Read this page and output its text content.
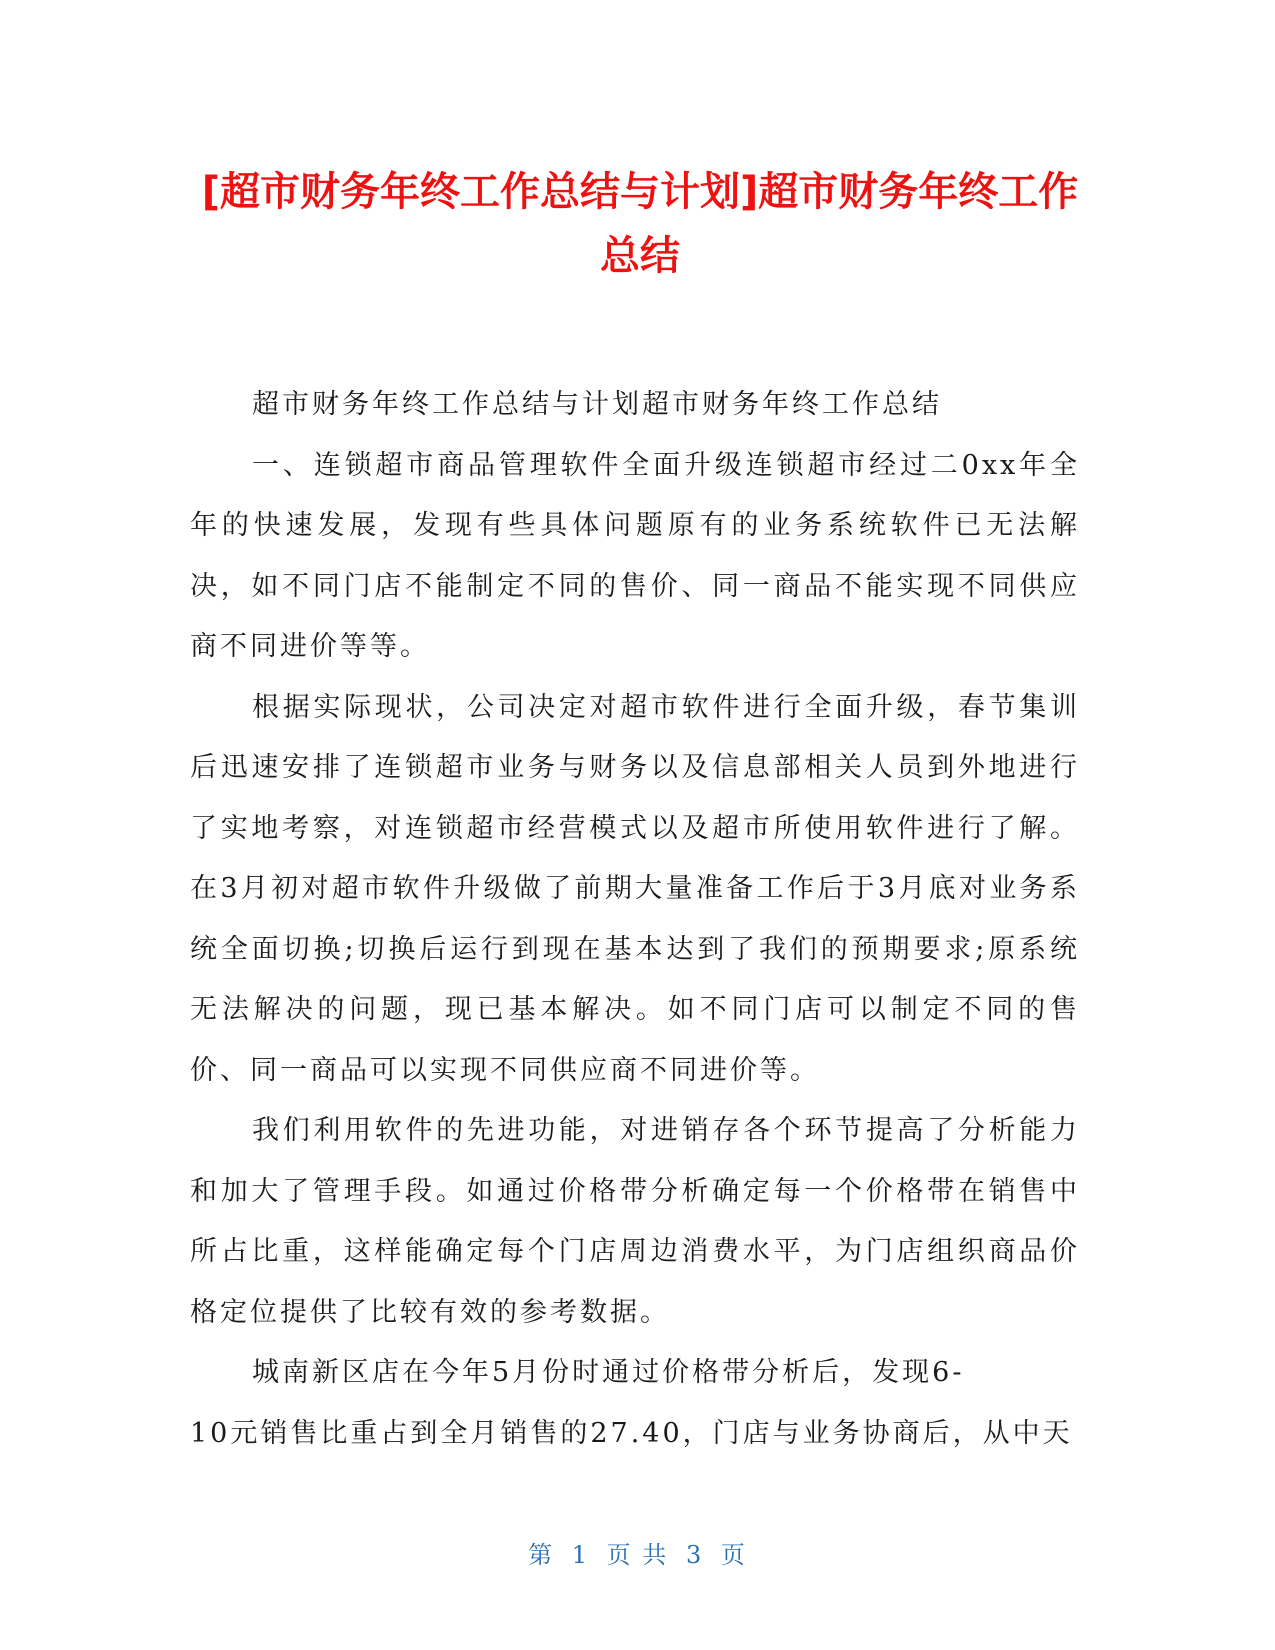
[超市财务年终工作总结与计划]超市财务年终工作总结

超市财务年终工作总结与计划超市财务年终工作总结

一、连锁超市商品管理软件全面升级连锁超市经过二0xx年全年的快速发展，发现有些具体问题原有的业务系统软件已无法解决，如不同门店不能制定不同的售价、同一商品不能实现不同供应商不同进价等等。

根据实际现状，公司决定对超市软件进行全面升级，春节集训后迅速安排了连锁超市业务与财务以及信息部相关人员到外地进行了实地考察，对连锁超市经营模式以及超市所使用软件进行了解。在3月初对超市软件升级做了前期大量准备工作后于3月底对业务系统全面切换;切换后运行到现在基本达到了我们的预期要求;原系统无法解决的问题，现已基本解决。如不同门店可以制定不同的售价、同一商品可以实现不同供应商不同进价等。

我们利用软件的先进功能，对进销存各个环节提高了分析能力和加大了管理手段。如通过价格带分析确定每一个价格带在销售中所占比重，这样能确定每个门店周边消费水平，为门店组织商品价格定位提供了比较有效的参考数据。

城南新区店在今年5月份时通过价格带分析后，发现6-

10元销售比重占到全月销售的27.40，门店与业务协商后，从中天

第 1 页 共 3 页
